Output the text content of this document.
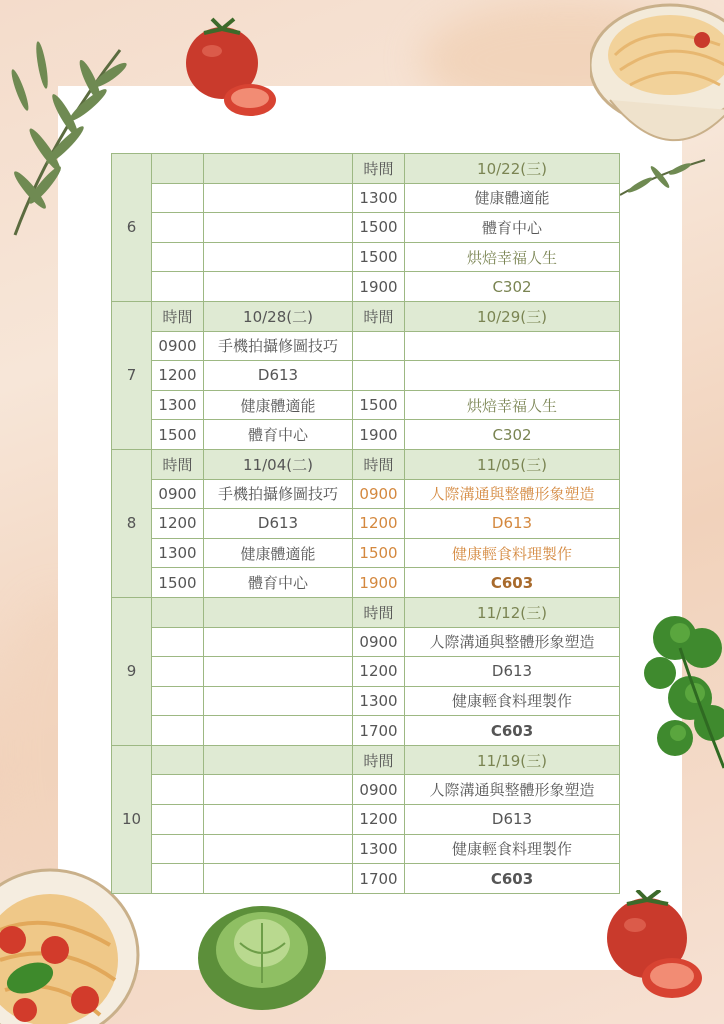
6			時間	10/22(三)
			1300	健康體適能
			1500	體育中心
			1500	烘焙幸福人生
			1900	C302
7	時間	10/28(二)	時間	10/29(三)
	0900	手機拍攝修圖技巧		
	1200	D613		
	1300	健康體適能	1500	烘焙幸福人生
	1500	體育中心	1900	C302
8	時間	11/04(二)	時間	11/05(三)
	0900	手機拍攝修圖技巧	0900	人際溝通與整體形象塑造
	1200	D613	1200	D613
	1300	健康體適能	1500	健康輕食料理製作
	1500	體育中心	1900	C603
9			時間	11/12(三)
			0900	人際溝通與整體形象塑造
			1200	D613
			1300	健康輕食料理製作
			1700	C603
10			時間	11/19(三)
			0900	人際溝通與整體形象塑造
			1200	D613
			1300	健康輕食料理製作
			1700	C603
